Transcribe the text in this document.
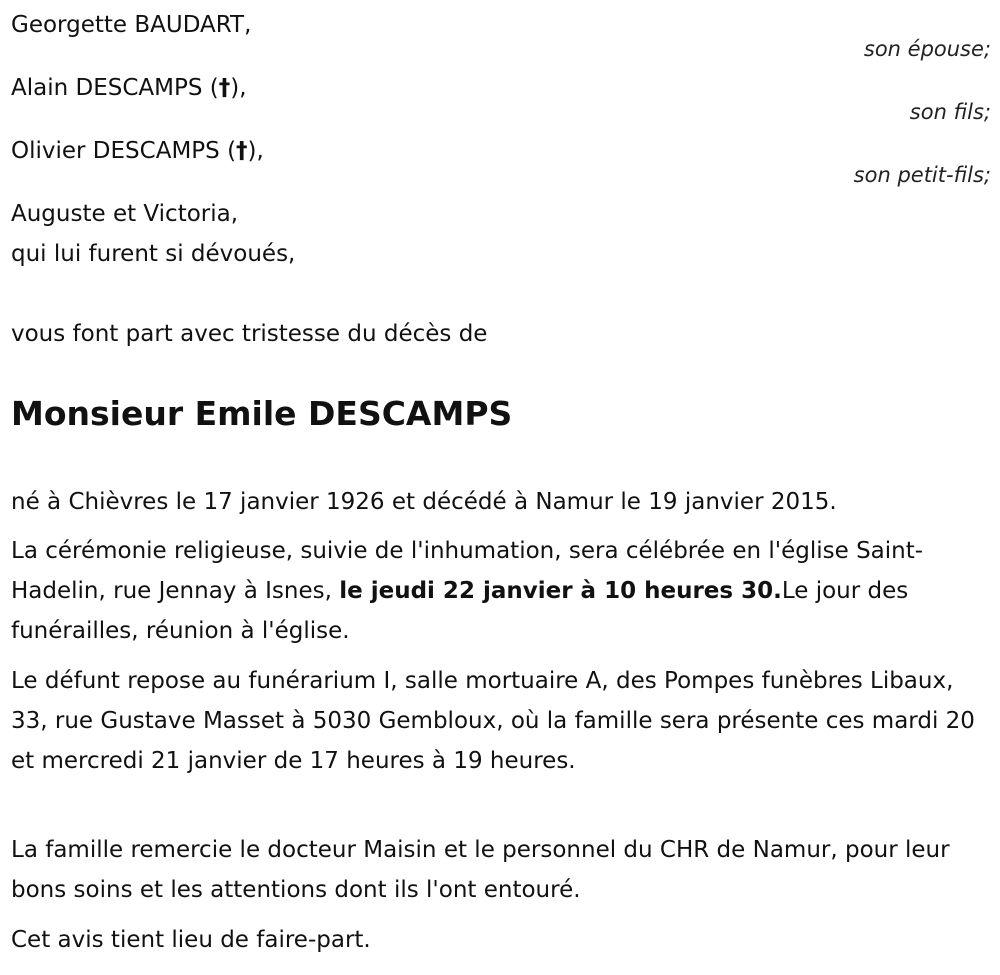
Georgette BAUDART,
son épouse;
Alain DESCAMPS (†),
son fils;
Olivier DESCAMPS (†),
son petit-fils;
Auguste et Victoria,
qui lui furent si dévoués,
vous font part avec tristesse du décès de
Monsieur Emile DESCAMPS
né à Chièvres le 17 janvier 1926 et décédé à Namur le 19 janvier 2015.
La cérémonie religieuse, suivie de l'inhumation, sera célébrée en l'église Saint-Hadelin, rue Jennay à Isnes, le jeudi 22 janvier à 10 heures 30.Le jour des funérailles, réunion à l'église.
Le défunt repose au funérarium I, salle mortuaire A, des Pompes funèbres Libaux, 33, rue Gustave Masset à 5030 Gembloux, où la famille sera présente ces mardi 20 et mercredi 21 janvier de 17 heures à 19 heures.
La famille remercie le docteur Maisin et le personnel du CHR de Namur, pour leur bons soins et les attentions dont ils l'ont entouré.
Cet avis tient lieu de faire-part.
